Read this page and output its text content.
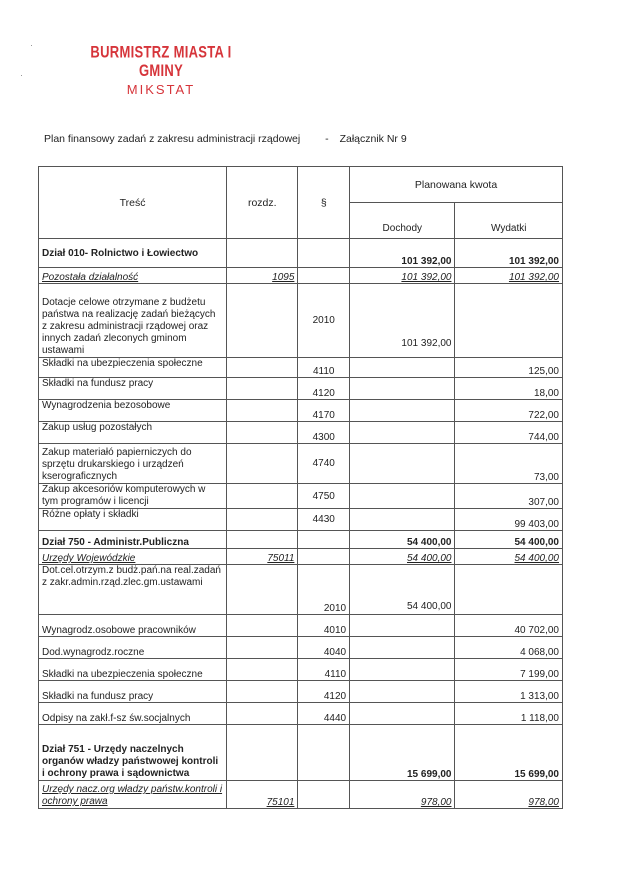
BURMISTRZ MIASTA I GMINY
MIKSTAT
·
·
Plan finansowy zadań z zakresu administracji rządowej - Załącznik Nr 9
Treść	rozdz.	§	Planowana kwota	
			Dochody	Wydatki
Dział 010- Rolnictwo i Łowiectwo			101 392,00	101 392,00
Pozostała działalność	1095		101 392,00	101 392,00
Dotacje celowe otrzymane z budżetu państwa na realizację zadań bieżących z zakresu administracji rządowej oraz innych zadań zleconych gminom ustawami		2010	101 392,00	
Składki na ubezpieczenia społeczne		4110		125,00
Składki na fundusz pracy		4120		18,00
Wynagrodzenia bezosobowe		4170		722,00
Zakup usług pozostałych		4300		744,00
Zakup materiałó papierniczych do sprzętu drukarskiego i urządzeń kserograficznych		4740		73,00
Zakup akcesoriów komputerowych w tym programów i licencji		4750		307,00
Różne opłaty i składki		4430		99 403,00
Dział 750 - Administr.Publiczna			54 400,00	54 400,00
Urzędy Wojewódzkie	75011		54 400,00	54 400,00
Dot.cel.otrzym.z budż.pań.na real.zadań z zakr.admin.rząd.zlec.gm.ustawami		2010	54 400,00	
Wynagrodz.osobowe pracowników		4010		40 702,00
Dod.wynagrodz.roczne		4040		4 068,00
Składki na ubezpieczenia społeczne		4110		7 199,00
Składki na fundusz pracy		4120		1 313,00
Odpisy na zakł.f-sz św.socjalnych		4440		1 118,00
Dział 751 - Urzędy naczelnych organów władzy państwowej kontroli i ochrony prawa i sądownictwa			15 699,00	15 699,00
Urzędy nacz.org władzy państw.kontroli i ochrony prawa	75101		978,00	978,00
